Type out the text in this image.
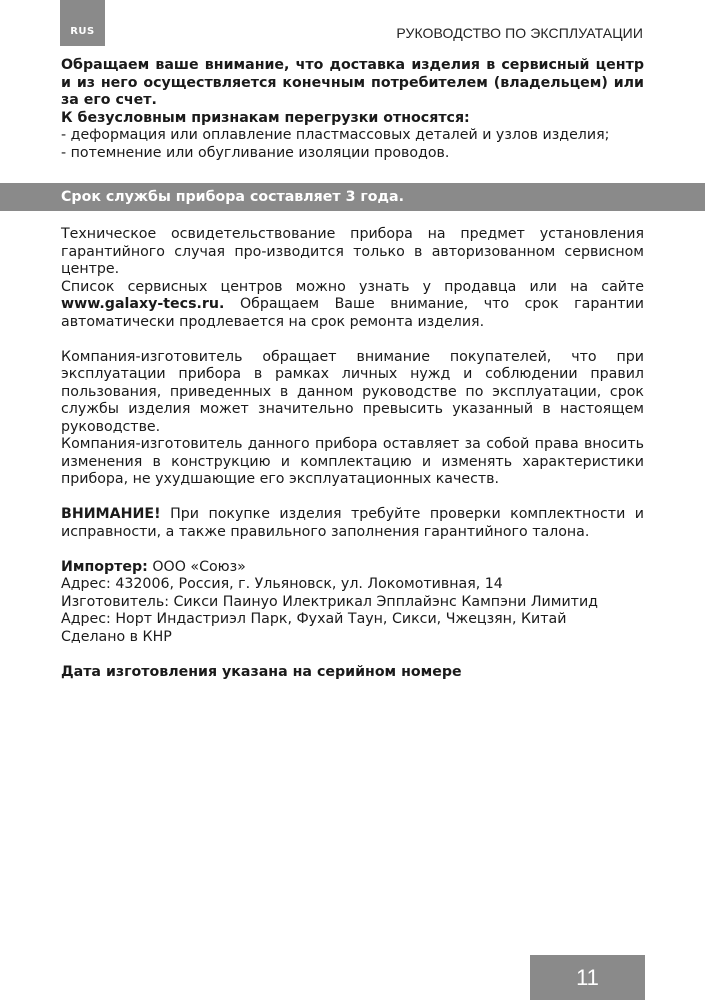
RUS	РУКОВОДСТВО ПО ЭКСПЛУАТАЦИИ

Обращаем ваше внимание, что доставка изделия в сервисный центр и из него осуществляется конечным потребителем (владельцем) или за его счет.

К безусловным признакам перегрузки относятся:

- деформация или оплавление пластмассовых деталей и узлов изделия;

- потемнение или обугливание изоляции проводов.

Срок службы прибора составляет 3 года.

Техническое освидетельствование прибора на предмет установления гарантийного случая про-изводится только в авторизованном сервисном центре.

Список сервисных центров можно узнать у продавца или на сайте www.galaxy-tecs.ru. Обращаем Ваше внимание, что срок гарантии автоматически продлевается на срок ремонта изделия.

Компания-изготовитель обращает внимание покупателей, что при эксплуатации прибора в рамках личных нужд и соблюдении правил пользования, приведенных в данном руководстве по эксплуатации, срок службы изделия может значительно превысить указанный в настоящем руководстве.

Компания-изготовитель данного прибора оставляет за собой права вносить изменения в конструкцию и комплектацию и изменять характеристики прибора, не ухудшающие его эксплуатационных качеств.

ВНИМАНИЕ! При покупке изделия требуйте проверки комплектности и исправности, а также правильного заполнения гарантийного талона.

Импортер: ООО «Союз»

Адрес: 432006, Россия, г. Ульяновск, ул. Локомотивная, 14

Изготовитель: Сикси Паинуо Илектрикал Эпплайэнс Кампэни Лимитид

Адрес: Норт Индастриэл Парк, Фухай Таун, Сикси, Чжецзян, Китай

Сделано в КНР

Дата изготовления указана на серийном номере

11
